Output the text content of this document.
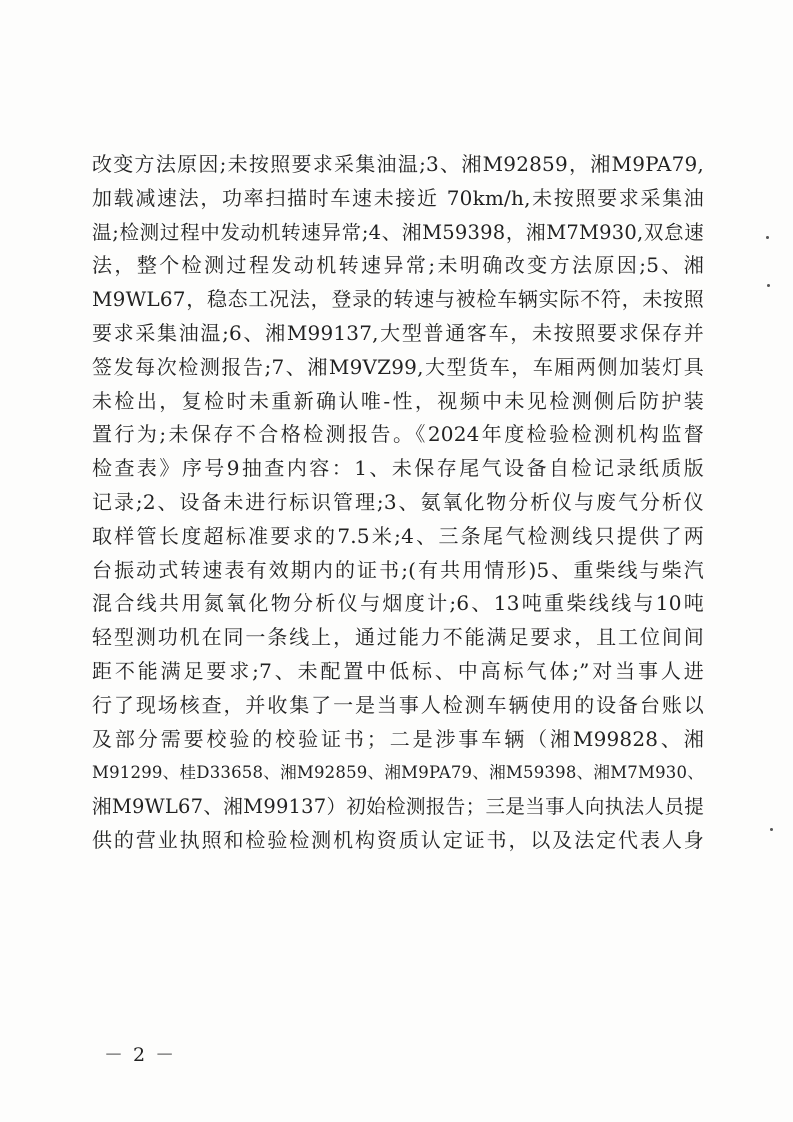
改变方法原因;未按照要求采集油温;3、湘M92859，湘M9PA79,
加载减速法，功率扫描时车速未接近 70km/h,未按照要求采集油
温;检测过程中发动机转速异常;4、湘M59398，湘M7M930,双怠速
法，整个检测过程发动机转速异常;未明确改变方法原因;5、湘
M9WL67，稳态工况法，登录的转速与被检车辆实际不符，未按照
要求采集油温;6、湘M99137,大型普通客车，未按照要求保存并
签发每次检测报告;7、湘M9VZ99,大型货车，车厢两侧加装灯具
未检出，复检时未重新确认唯-性，视频中未见检测侧后防护装
置行为;未保存不合格检测报告。《2024年度检验检测机构监督
检查表》序号9抽查内容：1、未保存尾气设备自检记录纸质版
记录;2、设备未进行标识管理;3、氨氧化物分析仪与废气分析仪
取样管长度超标准要求的7.5米;4、三条尾气检测线只提供了两
台振动式转速表有效期内的证书;(有共用情形)5、重柴线与柴汽
混合线共用氮氧化物分析仪与烟度计;6、13吨重柴线线与10吨
轻型测功机在同一条线上，通过能力不能满足要求，且工位间间
距不能满足要求;7、未配置中低标、中高标气体;”对当事人进
行了现场核查，并收集了一是当事人检测车辆使用的设备台账以
及部分需要校验的校验证书；二是涉事车辆（湘M99828、湘
M91299、桂D33658、湘M92859、湘M9PA79、湘M59398、湘M7M930、
湘M9WL67、湘M99137）初始检测报告；三是当事人向执法人员提
供的营业执照和检验检测机构资质认定证书，以及法定代表人身
－ 2 －
